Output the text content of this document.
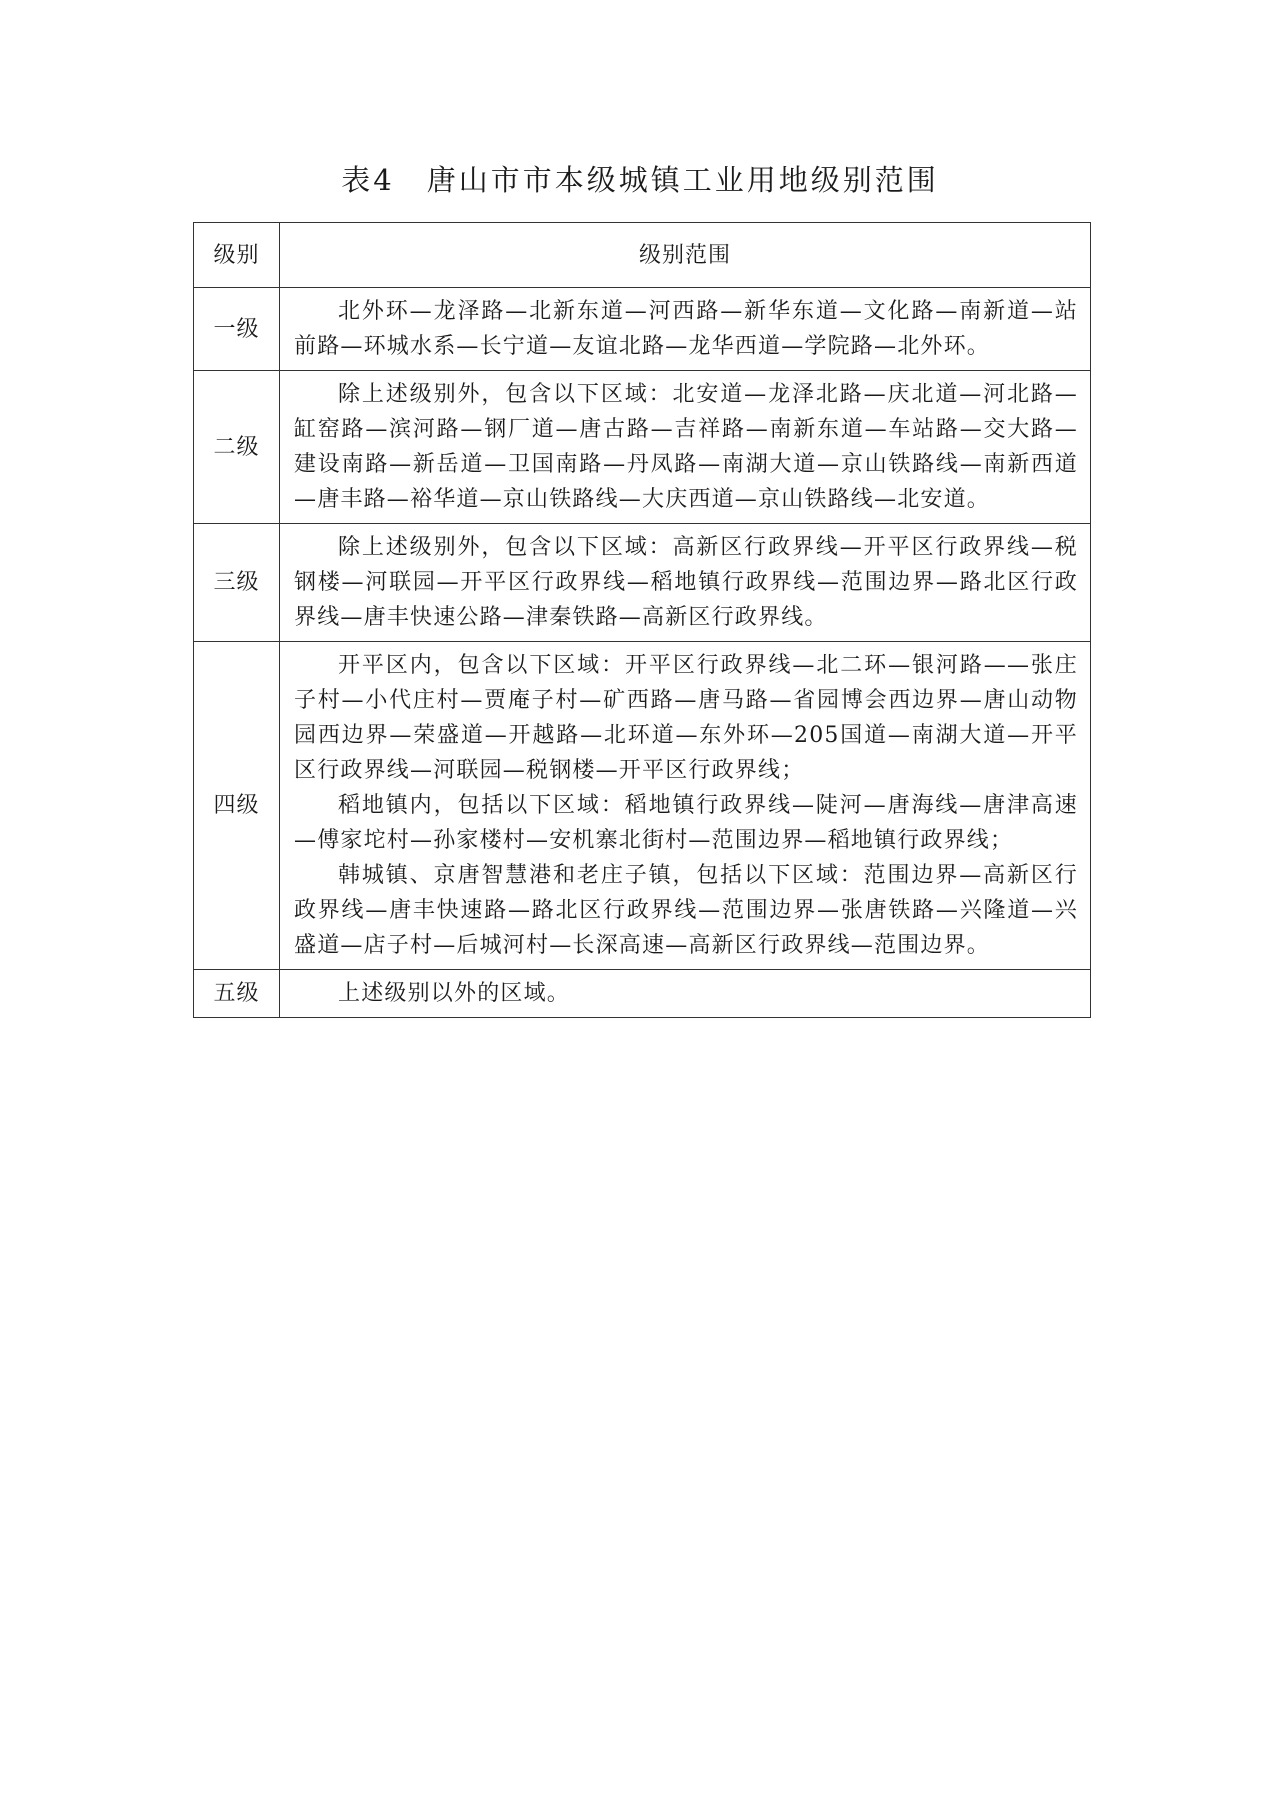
表4　唐山市市本级城镇工业用地级别范围
级别	级别范围
一级	北外环—龙泽路—北新东道—河西路—新华东道—文化路—南新道—站前路—环城水系—长宁道—友谊北路—龙华西道—学院路—北外环。

二级	除上述级别外，包含以下区域：北安道—龙泽北路—庆北道—河北路—缸窑路—滨河路—钢厂道—唐古路—吉祥路—南新东道—车站路—交大路—建设南路—新岳道—卫国南路—丹凤路—南湖大道—京山铁路线—南新西道—唐丰路—裕华道—京山铁路线—大庆西道—京山铁路线—北安道。

三级	除上述级别外，包含以下区域：高新区行政界线—开平区行政界线—税钢楼—河联园—开平区行政界线—稻地镇行政界线—范围边界—路北区行政界线—唐丰快速公路—津秦铁路—高新区行政界线。

四级	开平区内，包含以下区域：开平区行政界线—北二环—银河路——张庄子村—小代庄村—贾庵子村—矿西路—唐马路—省园博会西边界—唐山动物园西边界—荣盛道—开越路—北环道—东外环—205国道—南湖大道—开平区行政界线—河联园—税钢楼—开平区行政界线；

稻地镇内，包括以下区域：稻地镇行政界线—陡河—唐海线—唐津高速—傅家坨村—孙家楼村—安机寨北街村—范围边界—稻地镇行政界线；

韩城镇、京唐智慧港和老庄子镇，包括以下区域：范围边界—高新区行政界线—唐丰快速路—路北区行政界线—范围边界—张唐铁路—兴隆道—兴盛道—店子村—后城河村—长深高速—高新区行政界线—范围边界。

五级	上述级别以外的区域。
